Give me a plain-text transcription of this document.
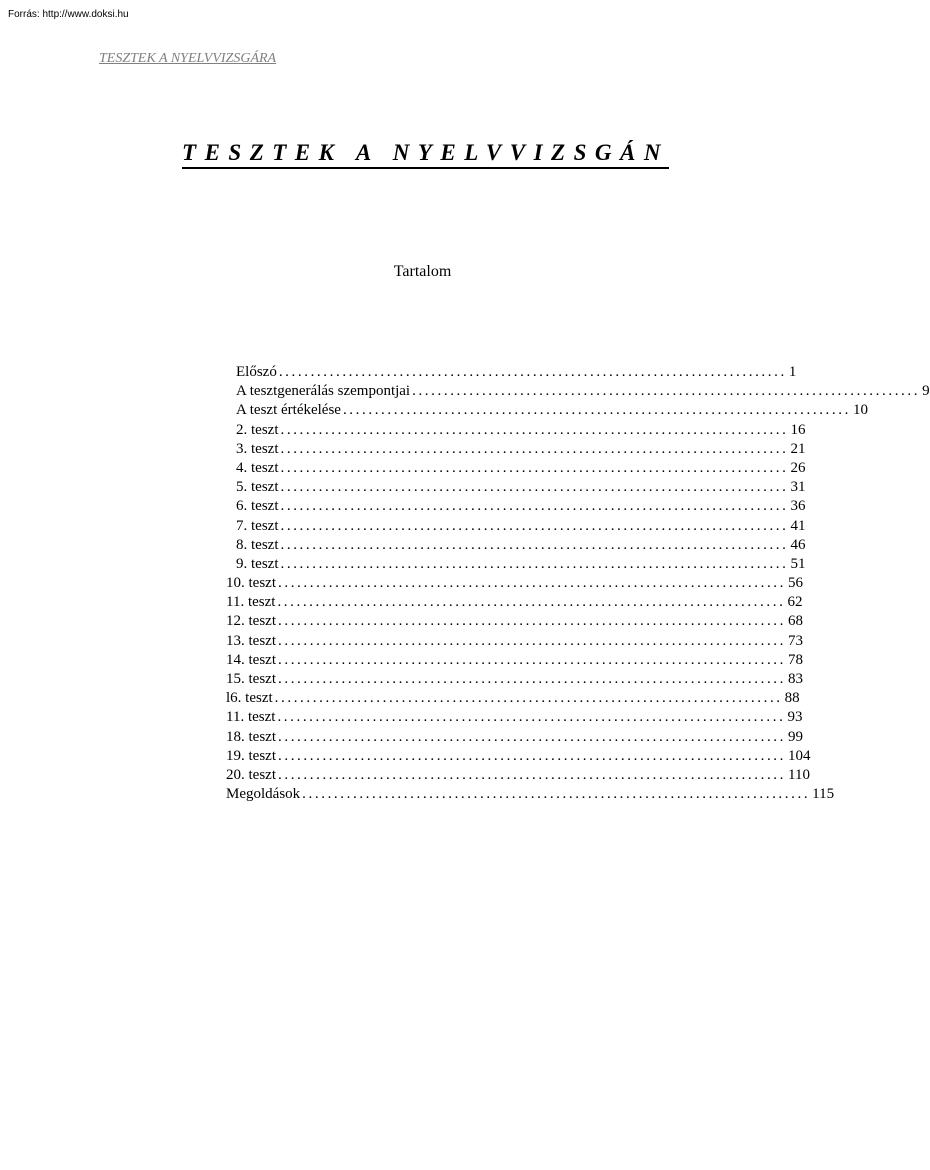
Forrás: http://www.doksi.hu
TESZTEK A NYELVVIZSGÁRA
TESZTEK A NYELVVIZSGÁN
Tartalom
Előszó ................................................................................ 1
A tesztgenerálás szempontjai ................................................................................ 9
A teszt értékelése ................................................................................ 10
2. teszt ................................................................................ 16
3. teszt ................................................................................ 21
4. teszt ................................................................................ 26
5. teszt ................................................................................ 31
6. teszt ................................................................................ 36
7. teszt ................................................................................ 41
8. teszt ................................................................................ 46
9. teszt ................................................................................ 51
10. teszt ................................................................................ 56
11. teszt ................................................................................ 62
12. teszt ................................................................................ 68
13. teszt ................................................................................ 73
14. teszt ................................................................................ 78
15. teszt ................................................................................ 83
l6. teszt ................................................................................ 88
11. teszt ................................................................................ 93
18. teszt ................................................................................ 99
19. teszt ................................................................................ 104
20. teszt ................................................................................ 110
Megoldások ................................................................................ 115
